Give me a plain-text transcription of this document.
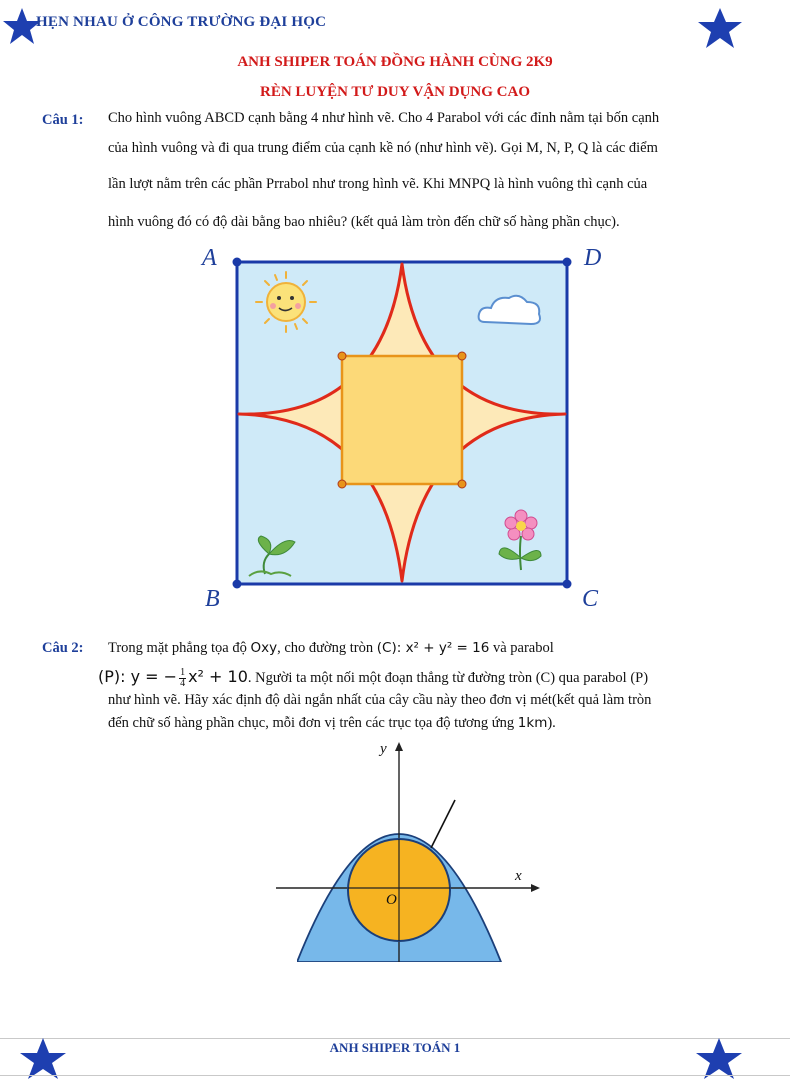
HẸN NHAU Ở CÔNG TRƯỜNG ĐẠI HỌC
ANH SHIPER TOÁN ĐỒNG HÀNH CÙNG 2K9
RÈN LUYỆN TƯ DUY VẬN DỤNG CAO
Câu 1: Cho hình vuông ABCD cạnh bằng 4 như hình vẽ. Cho 4 Parabol với các đỉnh nằm tại bốn cạnh
của hình vuông và đi qua trung điểm của cạnh kề nó (như hình vẽ). Gọi M, N, P, Q là các điểm
lần lượt nằm trên các phần Prrabol như trong hình vẽ. Khi MNPQ là hình vuông thì cạnh của
hình vuông đó có độ dài bằng bao nhiêu? (kết quả làm tròn đến chữ số hàng phần chục).
A	D
B	C
Câu 2: Trong mặt phẳng tọa độ Oxy, cho đường tròn (C): x² + y² = 16 và parabol
(P): y = − $\frac{1}{4} x^2 + 10$. Người ta một nối một đoạn thẳng từ đường tròn (C) qua parabol (P)
như hình vẽ. Hãy xác định độ dài ngắn nhất của cây cầu này theo đơn vị mét(kết quả làm tròn
đến chữ số hàng phần chục, mỗi đơn vị trên các trục tọa độ tương ứng 1km).
y
x
O
ANH SHIPER TOÁN 1
